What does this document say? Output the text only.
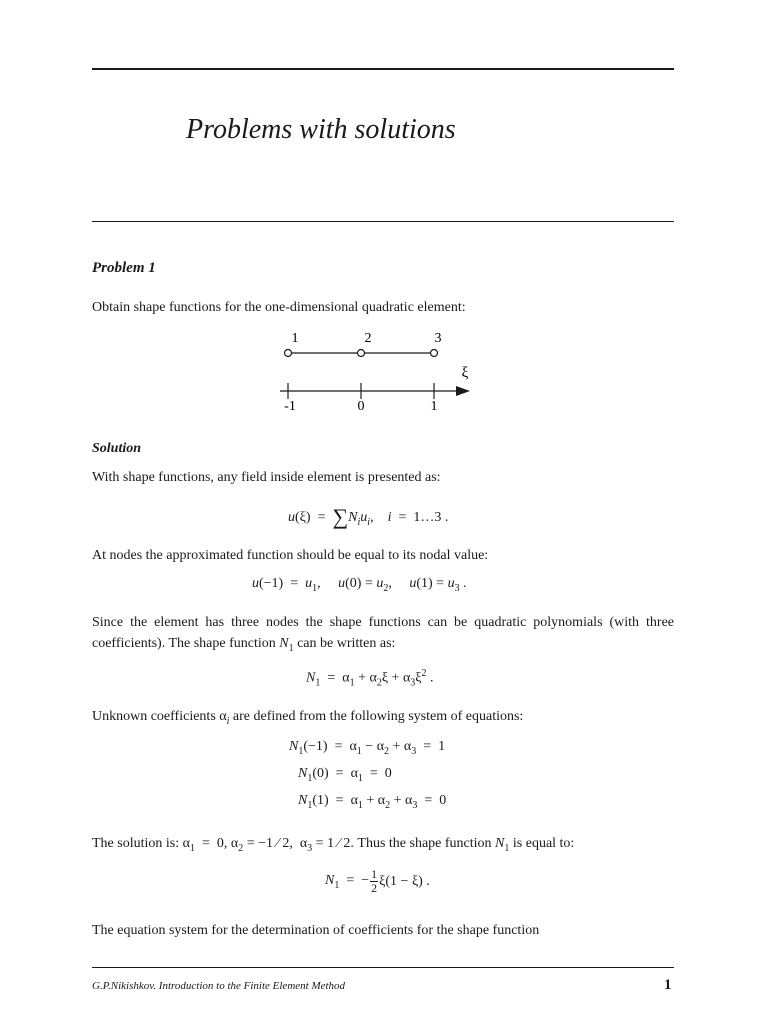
Problems with solutions
Problem 1
Obtain shape functions for the one-dimensional quadratic element:
1	2	3
ξ
-1	0	1
Solution
With shape functions, any field inside element is presented as:
$u(\xi) = \sum N_iu_i$,    i  =  1…3 .
At nodes the approximated function should be equal to its nodal value:
$u(-1) = u_1$,     $u(0) = u_2$,     $u(1) = u_3$ .
Since the element has three nodes the shape functions can be quadratic polynomials (with three coefficients). The shape function $N_1$ can be written as:
$N_1 = \alpha_1 + \alpha_2\xi + \alpha_3\xi^2$ .
Unknown coefficients $\alpha_i$ are defined from the following system of equations:
$N_1(-1) = \alpha_1 - \alpha_2 + \alpha_3 = 1$
$N_1(0) = \alpha_1 = 0$
$N_1(1) = \alpha_1 + \alpha_2 + \alpha_3 = 0$
The solution is: $\alpha_1 = 0$, $\alpha_2 = -1$ ⁄ 2,  $\alpha_3 = 1$ ⁄ 2. Thus the shape function $N_1$ is equal to:
$N_1$  =  − $\frac{1}{2} \xi(1 - \xi)$ .
The equation system for the determination of coefficients for the shape function
G.P.Nikishkov. Introduction to the Finite Element Method	1
